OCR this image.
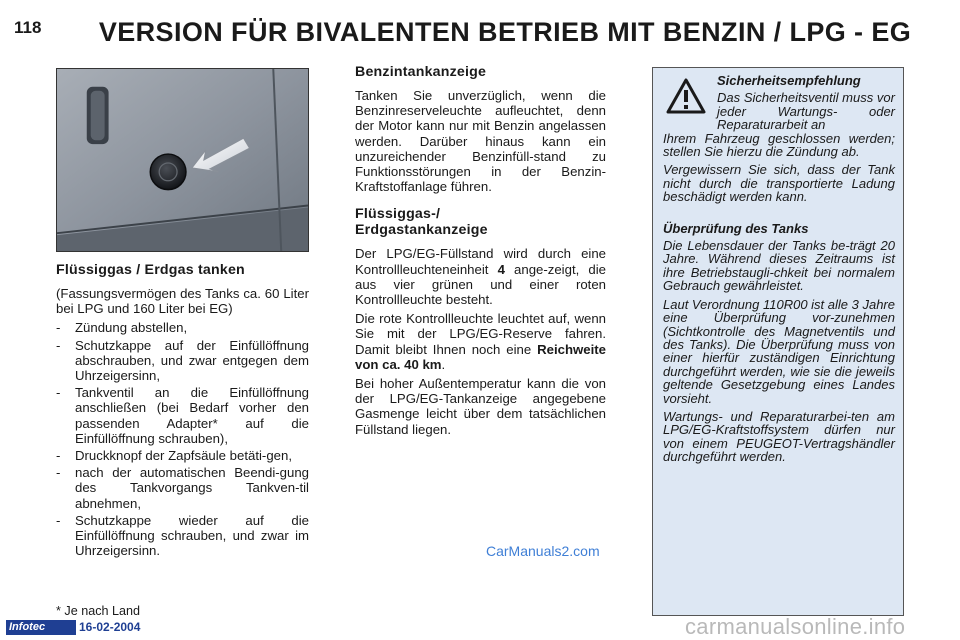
118	VERSION FÜR BIVALENTEN BETRIEB MIT BENZIN / LPG - EG
Flüssiggas / Erdgas tanken

(Fassungsvermögen des Tanks ca. 60 Liter bei LPG und 160 Liter bei EG)

- Zündung abstellen,
- Schutzkappe auf der Einfüllöffnung abschrauben, und zwar entgegen dem Uhrzeigersinn,
- Tankventil an die Einfüllöffnung anschließen (bei Bedarf vorher den passenden Adapter* auf die Einfüllöffnung schrauben),
- Druckknopf der Zapfsäule betäti-gen,
- nach der automatischen Beendi-gung des Tankvorgangs Tankven-til abnehmen,
- Schutzkappe wieder auf die Einfüllöffnung schrauben, und zwar im Uhrzeigersinn.
Benzintankanzeige

Tanken Sie unverzüglich, wenn die Benzinreserveleuchte aufleuchtet, denn der Motor kann nur mit Benzin angelassen werden. Darüber hinaus kann ein unzureichender Benzinfüll-stand zu Funktionsstörungen in der Benzin-Kraftstoffanlage führen.

Flüssiggas-/
Erdgastankanzeige

Der LPG/EG-Füllstand wird durch eine Kontrollleuchteneinheit 4 ange-zeigt, die aus vier grünen und einer roten Kontrollleuchte besteht.

Die rote Kontrollleuchte leuchtet auf, wenn Sie mit der LPG/EG-Reserve fahren. Damit bleibt Ihnen noch eine Reichweite von ca. 40 km.

Bei hoher Außentemperatur kann die von der LPG/EG-Tankanzeige angegebene Gasmenge leicht über dem tatsächlichen Füllstand liegen.

Sicherheitsempfehlung

Das Sicherheitsventil muss vor jeder Wartungs- oder Reparaturarbeit an

Ihrem Fahrzeug geschlossen werden; stellen Sie hierzu die Zündung ab.

Vergewissern Sie sich, dass der Tank nicht durch die transportierte Ladung beschädigt werden kann.

Überprüfung des Tanks

Die Lebensdauer der Tanks be-trägt 20 Jahre. Während dieses Zeitraums ist ihre Betriebstaugli-chkeit bei normalem Gebrauch gewährleistet.

Laut Verordnung 110R00 ist alle 3 Jahre eine Überprüfung vor-zunehmen (Sichtkontrolle des Magnetventils und des Tanks). Die Überprüfung muss von einer hierfür zuständigen Einrichtung durchgeführt werden, wie sie die jeweils geltende Gesetzgebung eines Landes vorsieht.

Wartungs- und Reparaturarbei-ten am LPG/EG-Kraftstoffsystem dürfen nur von einem PEUGEOT-Vertragshändler durchgeführt werden.

CarManuals2.com
* Je nach Land
Infotec	16-02-2004	carmanualsonline.info
